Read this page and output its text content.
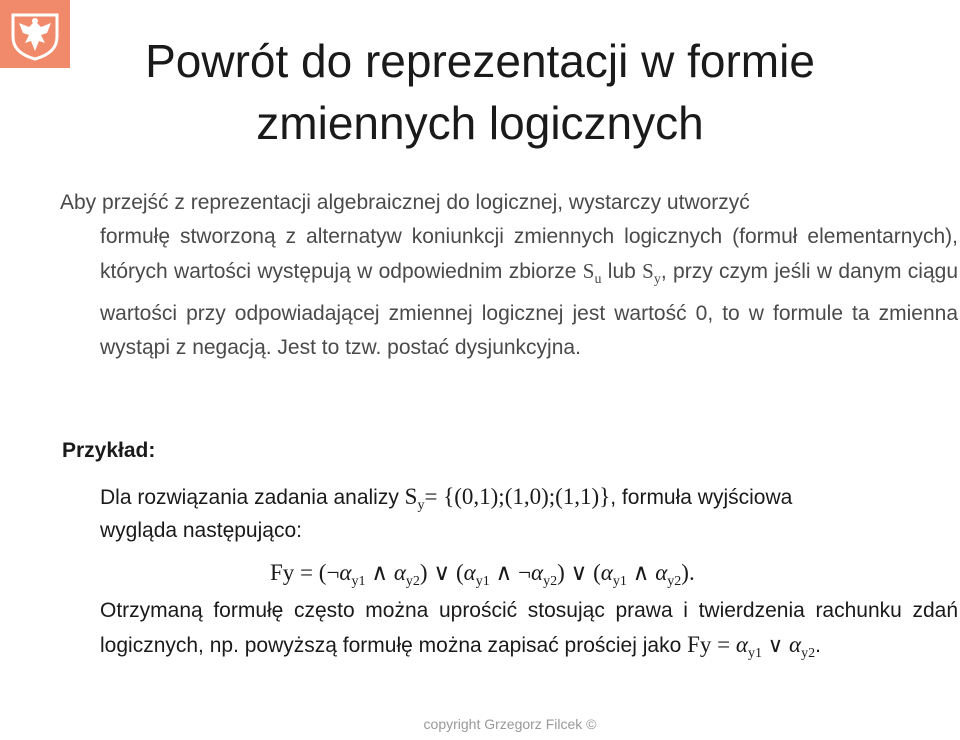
Powrót do reprezentacji w formie
zmiennych logicznych
Aby przejść z reprezentacji algebraicznej do logicznej, wystarczy utworzyć
formułę stworzoną z alternatyw koniunkcji zmiennych logicznych (formuł elementarnych), których wartości występują w odpowiednim zbiorze $S_u$ lub $S_y$, przy czym jeśli w danym ciągu wartości przy odpowiadającej zmiennej logicznej jest wartość 0, to w formule ta zmienna wystąpi z negacją. Jest to tzw. postać dysjunkcyjna.
Przykład:
Dla rozwiązania zadania analizy $S_y=$ {(0,1);(1,0);(1,1)}, formuła wyjściowa
wygląda następująco:
$Fy = (\neg\alpha_{y1}$ ∧ $\alpha_{y2}$) ∨ ($\alpha_{y1}$ ∧ $\neg\alpha_{y2}$) ∨ ($\alpha_{y1}$ ∧ $\alpha_{y2}$).
Otrzymaną formułę często można uprościć stosując prawa i twierdzenia rachunku zdań logicznych, np. powyższą formułę można zapisać prościej jako $Fy = \alpha_{y1}$ ∨ $\alpha_{y2}$.
copyright Grzegorz Filcek ©
